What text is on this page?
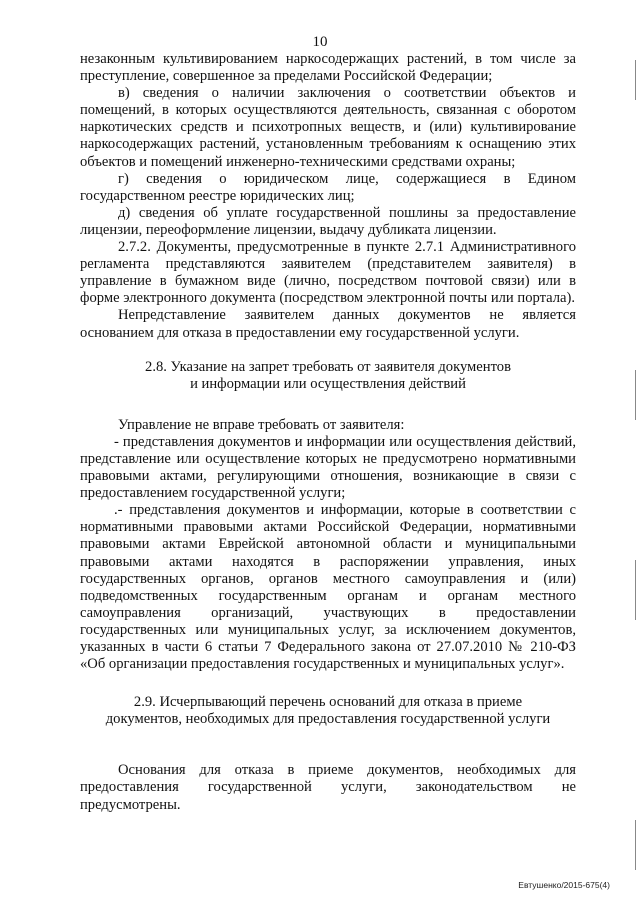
10

незаконным культивированием наркосодержащих растений, в том числе за преступление, совершенное за пределами Российской Федерации;

в) сведения о наличии заключения о соответствии объектов и помещений, в которых осуществляются деятельность, связанная с оборотом наркотических средств и психотропных веществ, и (или) культивирование наркосодержащих растений, установленным требованиям к оснащению этих объектов и помещений инженерно-техническими средствами охраны;

г) сведения о юридическом лице, содержащиеся в Едином государственном реестре юридических лиц;

д) сведения об уплате государственной пошлины за предоставление лицензии, переоформление лицензии, выдачу дубликата лицензии.

2.7.2. Документы, предусмотренные в пункте 2.7.1 Административного регламента представляются заявителем (представителем заявителя) в управление в бумажном виде (лично, посредством почтовой связи) или в форме электронного документа (посредством электронной почты или портала).

Непредставление заявителем данных документов не является основанием для отказа в предоставлении ему государственной услуги.

2.8. Указание на запрет требовать от заявителя документов
и информации или осуществления действий

Управление не вправе требовать от заявителя:

- представления документов и информации или осуществления действий, представление или осуществление которых не предусмотрено нормативными правовыми актами, регулирующими отношения, возникающие в связи с предоставлением государственной услуги;

.- представления документов и информации, которые в соответствии с нормативными правовыми актами Российской Федерации, нормативными правовыми актами Еврейской автономной области и муниципальными правовыми актами находятся в распоряжении управления, иных государственных органов, органов местного самоуправления и (или) подведомственных государственным органам и органам местного самоуправления организаций, участвующих в предоставлении государственных или муниципальных услуг, за исключением документов, указанных в части 6 статьи 7 Федерального закона от 27.07.2010 № 210-ФЗ «Об организации предоставления государственных и муниципальных услуг».

2.9. Исчерпывающий перечень оснований для отказа в приеме
документов, необходимых для предоставления государственной услуги

Основания для отказа в приеме документов, необходимых для предоставления государственной услуги, законодательством не предусмотрены.

Евтушенко/2015-675(4)
